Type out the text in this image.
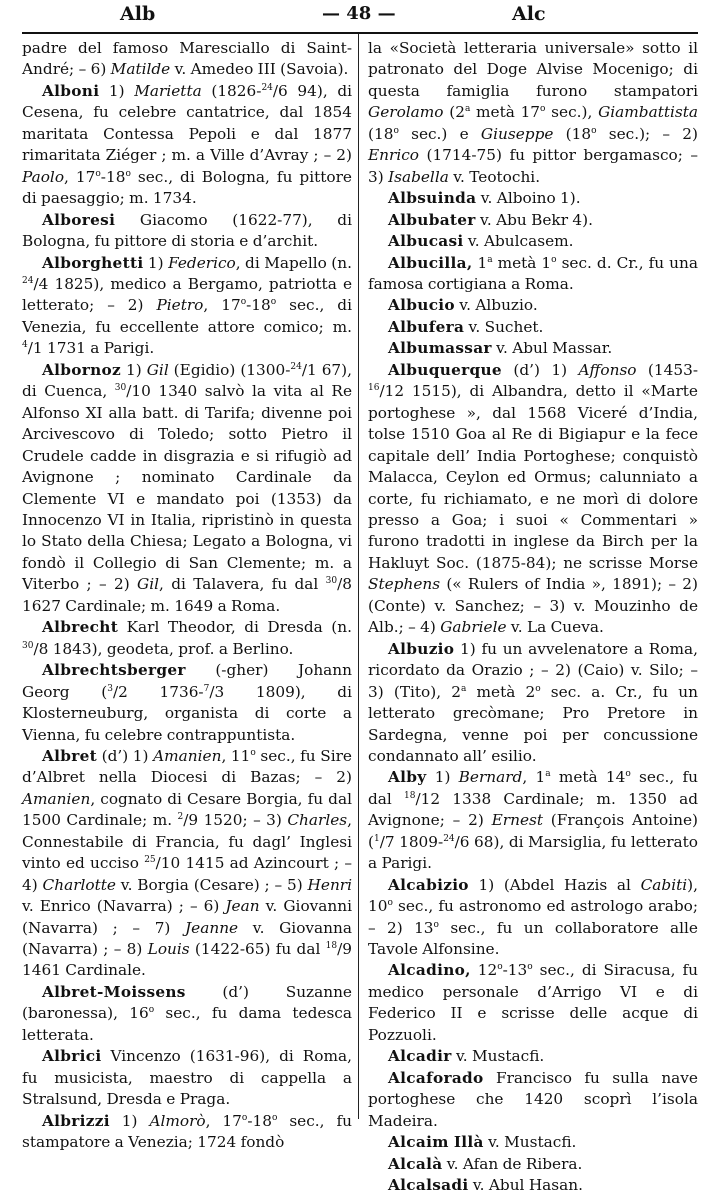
Alb	— 48 —	Alc

padre del famoso Maresciallo di Saint-André; – 6) Matilde v. Amedeo III (Savoia).

Alboni 1) Marietta (1826-$^{24}$/6 94), di Cesena, fu celebre cantatrice, dal 1854 maritata Contessa Pepoli e dal 1877 rimaritata Ziéger ; m. a Ville d’Avray ; – 2) Paolo, 17$^o$-18$^o$ sec., di Bologna, fu pittore di paesaggio; m. 1734.

Alboresi Giacomo (1622-77), di Bologna, fu pittore di storia e d’archit.

Alborghetti 1) Federico, di Mapello (n. $^{24}$/4 1825), medico a Bergamo, patriotta e letterato; – 2) Pietro, 17$^o$-18$^o$ sec., di Venezia, fu eccellente attore comico; m. $^4$/1 1731 a Parigi.

Albornoz 1) Gil (Egidio) (1300-$^{24}$/1 67), di Cuenca, $^{30}$/10 1340 salvò la vita al Re Alfonso XI alla batt. di Tarifa; divenne poi Arcivescovo di Toledo; sotto Pietro il Crudele cadde in disgrazia e si rifugiò ad Avignone ; nominato Cardinale da Clemente VI e mandato poi (1353) da Innocenzo VI in Italia, ripristinò in questa lo Stato della Chiesa; Legato a Bologna, vi fondò il Collegio di San Clemente; m. a Viterbo ; – 2) Gil, di Talavera, fu dal $^{30}$/8 1627 Cardinale; m. 1649 a Roma.

Albrecht Karl Theodor, di Dresda (n. $^{30}$/8 1843), geodeta, prof. a Berlino.

Albrechtsberger (-gher) Johann Georg ($^3$/2 1736-$^7$/3 1809), di Klosterneuburg, organista di corte a Vienna, fu celebre contrappuntista.

Albret (d’) 1) Amanien, 11$^o$ sec., fu Sire d’Albret nella Diocesi di Bazas; – 2) Amanien, cognato di Cesare Borgia, fu dal 1500 Cardinale; m. $^2$/9 1520; – 3) Charles, Connestabile di Francia, fu dagl’ Inglesi vinto ed ucciso $^{25}$/10 1415 ad Azincourt ; – 4) Charlotte v. Borgia (Cesare) ; – 5) Henri v. Enrico (Navarra) ; – 6) Jean v. Giovanni (Navarra) ; – 7) Jeanne v. Giovanna (Navarra) ; – 8) Louis (1422-65) fu dal $^{18}$/9 1461 Cardinale.

Albret-Moissens (d’) Suzanne (baronessa), 16$^o$ sec., fu dama tedesca letterata.

Albrici Vincenzo (1631-96), di Roma, fu musicista, maestro di cappella a Stralsund, Dresda e Praga.

Albrizzi 1) Almorò, 17$^o$-18$^o$ sec., fu stampatore a Venezia; 1724 fondò

la «Società letteraria universale» sotto il patronato del Doge Alvise Mocenigo; di questa famiglia furono stampatori Gerolamo (2$^a$ metà 17$^o$ sec.), Giambattista (18$^o$ sec.) e Giuseppe (18$^o$ sec.); – 2) Enrico (1714-75) fu pittor bergamasco; – 3) Isabella v. Teotochi.

Albsuinda v. Alboino 1).

Albubater v. Abu Bekr 4).

Albucasi v. Abulcasem.

Albucilla, 1$^a$ metà 1$^o$ sec. d. Cr., fu una famosa cortigiana a Roma.

Albucio v. Albuzio.

Albufera v. Suchet.

Albumassar v. Abul Massar.

Albuquerque (d’) 1) Affonso (1453-$^{16}$/12 1515), di Albandra, detto il «Marte portoghese », dal 1568 Viceré d’India, tolse 1510 Goa al Re di Bigiapur e la fece capitale dell’ India Portoghese; conquistò Malacca, Ceylon ed Ormus; calunniato a corte, fu richiamato, e ne morì di dolore presso a Goa; i suoi « Commentari » furono tradotti in inglese da Birch per la Hakluyt Soc. (1875-84); ne scrisse Morse Stephens (« Rulers of India », 1891); – 2) (Conte) v. Sanchez; – 3) v. Mouzinho de Alb.; – 4) Gabriele v. La Cueva.

Albuzio 1) fu un avvelenatore a Roma, ricordato da Orazio ; – 2) (Caio) v. Silo; – 3) (Tito), 2$^a$ metà 2$^o$ sec. a. Cr., fu un letterato grecòmane; Pro Pretore in Sardegna, venne poi per concussione condannato all’ esilio.

Alby 1) Bernard, 1$^a$ metà 14$^o$ sec., fu dal $^{18}$/12 1338 Cardinale; m. 1350 ad Avignone; – 2) Ernest (François Antoine) ($^1$/7 1809-$^{24}$/6 68), di Marsiglia, fu letterato a Parigi.

Alcabizio 1) (Abdel Hazis al Cabiti), 10$^o$ sec., fu astronomo ed astrologo arabo; – 2) 13$^o$ sec., fu un collaboratore alle Tavole Alfonsine.

Alcadino, 12$^o$-13$^o$ sec., di Siracusa, fu medico personale d’Arrigo VI e di Federico II e scrisse delle acque di Pozzuoli.

Alcadir v. Mustacfi.

Alcaforado Francisco fu sulla nave portoghese che 1420 scoprì l’isola Madeira.

Alcaim Illà v. Mustacfi.

Alcalà v. Afan de Ribera.

Alcalsadi v. Abul Hasan.
